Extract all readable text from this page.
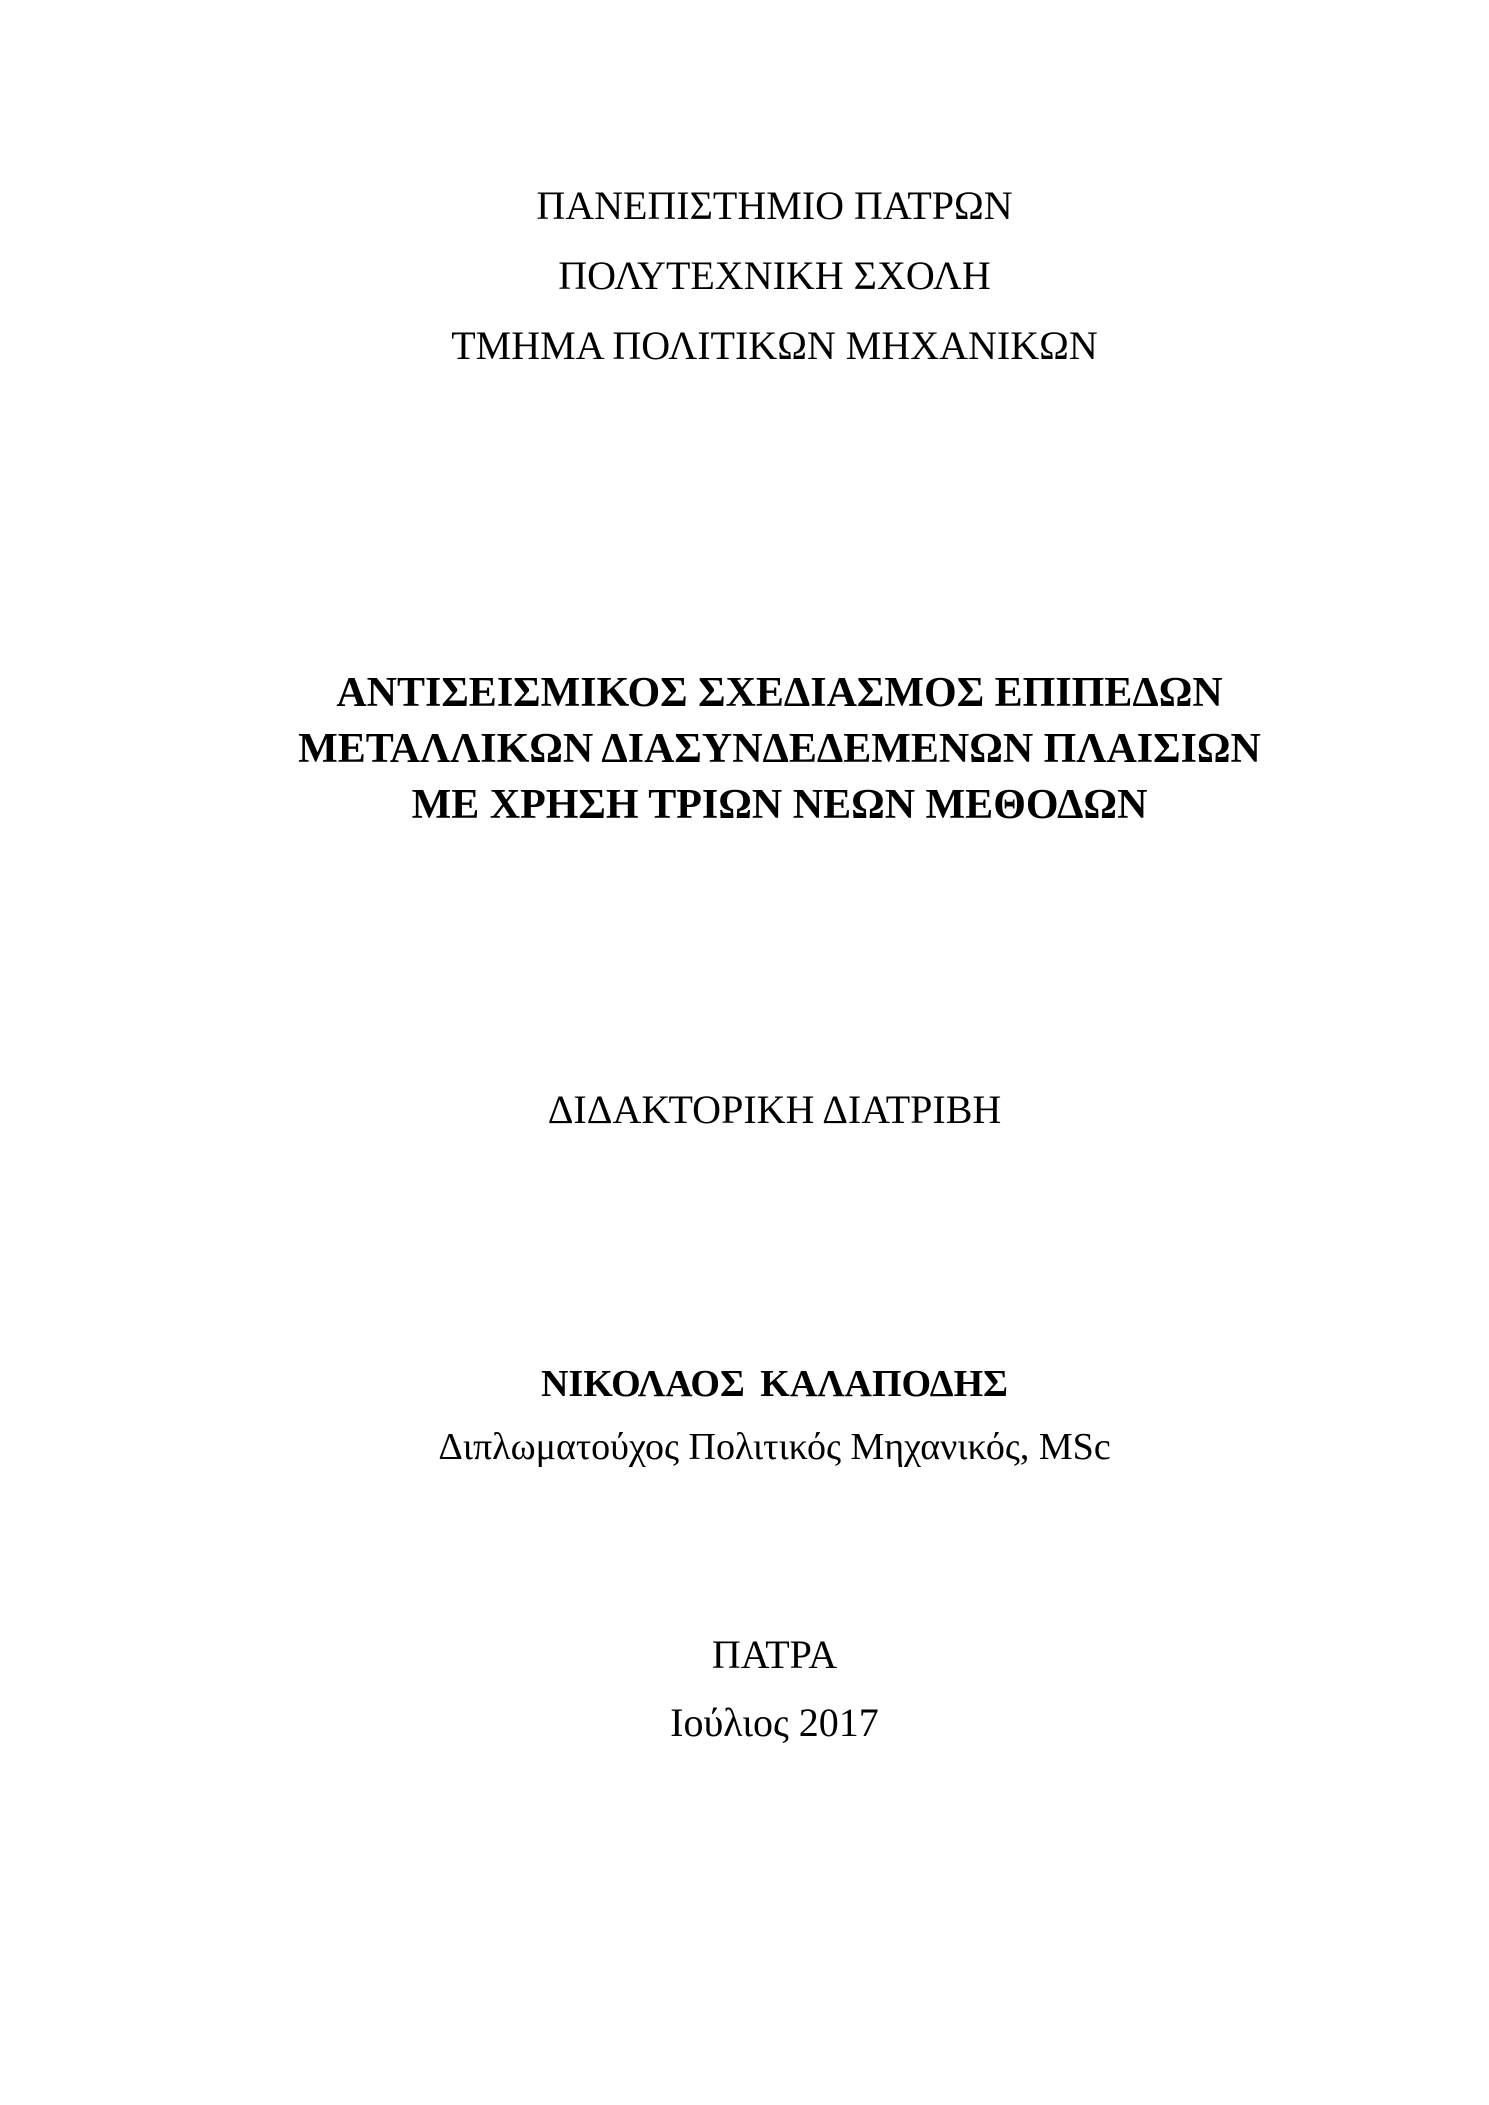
ΠΑΝΕΠΙΣΤΗΜΙΟ ΠΑΤΡΩΝ

ΠΟΛΥΤΕΧΝΙΚΗ ΣΧΟΛΗ

ΤΜΗΜΑ ΠΟΛΙΤΙΚΩΝ ΜΗΧΑΝΙΚΩΝ

ΑΝΤΙΣΕΙΣΜΙΚΟΣ ΣΧΕΔΙΑΣΜΟΣ ΕΠΙΠΕΔΩΝ

ΜΕΤΑΛΛΙΚΩΝ ΔΙΑΣΥΝΔΕΔΕΜΕΝΩΝ ΠΛΑΙΣΙΩΝ

ΜΕ ΧΡΗΣΗ ΤΡΙΩΝ ΝΕΩΝ ΜΕΘΟΔΩΝ

ΔΙΔΑΚΤΟΡΙΚΗ ΔΙΑΤΡΙΒΗ

ΝΙΚΟΛΑΟΣ ΚΑΛΑΠΟΔΗΣ

Διπλωματούχος Πολιτικός Μηχανικός, MSc

ΠΑΤΡΑ

Ιούλιος 2017
